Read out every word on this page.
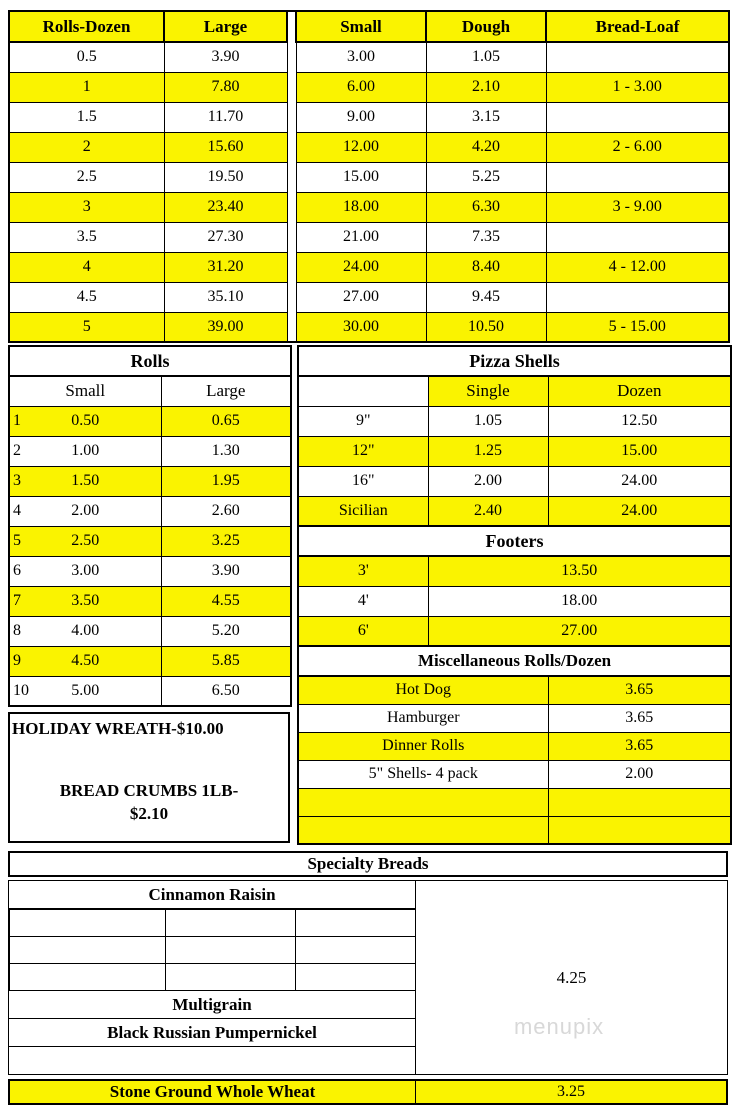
Rolls-Dozen	Large		Small	Dough	Bread-Loaf
0.5	3.90		3.00	1.05	
1	7.80		6.00	2.10	1 - 3.00
1.5	11.70		9.00	3.15	
2	15.60		12.00	4.20	2 - 6.00
2.5	19.50		15.00	5.25	
3	23.40		18.00	6.30	3 - 9.00
3.5	27.30		21.00	7.35	
4	31.20		24.00	8.40	4 - 12.00
4.5	35.10		27.00	9.45	
5	39.00		30.00	10.50	5 - 15.00
Rolls	
Small	Large

1 0.50	0.65

2 1.00	1.30

3 1.50	1.95

4 2.00	2.60

5 2.50	3.25

6 3.00	3.90

7 3.50	4.55

8 4.00	5.20

9 4.50	5.85

10 5.00	6.50
HOLIDAY WREATH-$10.00
BREAD CRUMBS 1LB-
$2.10
Pizza Shells		
	Single	Dozen
9"	1.05	12.50
12"	1.25	15.00
16"	2.00	24.00
Sicilian	2.40	24.00
Footers		
3'	13.50	
4'	18.00	
6'	27.00	
Miscellaneous Rolls/Dozen		
Hot Dog		3.65
Hamburger		3.65
Dinner Rolls		3.65
5" Shells- 4 pack		2.00

Specialty Breads
Cinnamon Raisin

Multigrain
Black Russian Pumpernickel
4.25
menupix
Stone Ground Whole Wheat	3.25
